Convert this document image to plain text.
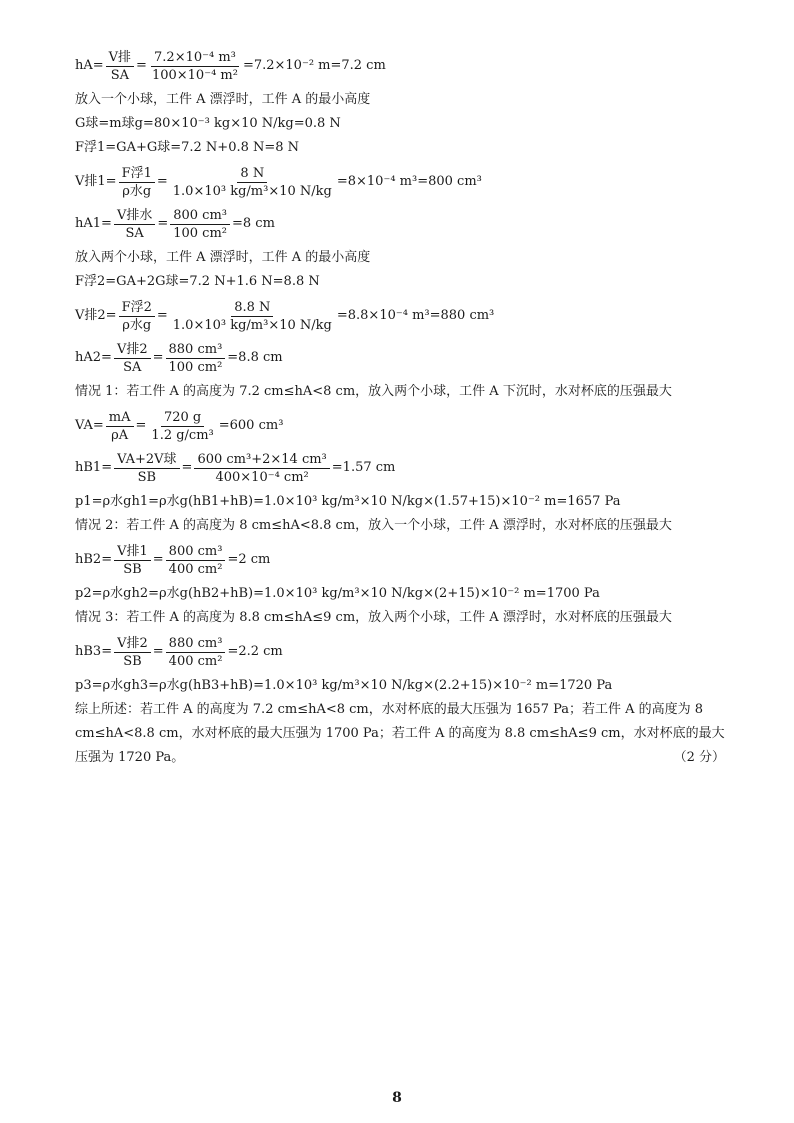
$hA= \frac{\text{V排}}{SA} = \frac{\text{7.2×10⁻⁴ m³}}{\text{100×10⁻⁴ m²}} =7.2\times 10^{-2}$ m=7.2 cm
放入一个小球，工件 A 漂浮时，工件 A 的最小高度
G球=m球g=80×10⁻³ kg×10 N/kg=0.8 N
F浮1=GA+G球=7.2 N+0.8 N=8 N
V排$1= \frac{\text{F浮1}}{\text{ρ水g}} = \frac{8 N}{\text{1.0×10³ kg/m³×10 N/kg}} =8\times 10^{-4}$ m³=800 cm³
$hA1= \frac{\text{V排水}}{SA} = \frac{\text{800 cm³}}{\text{100 cm²}} =8$ cm
放入两个小球，工件 A 漂浮时，工件 A 的最小高度
F浮2=GA+2G球=7.2 N+1.6 N=8.8 N
V排$2= \frac{\text{F浮2}}{\text{ρ水g}} = \frac{8.8 N}{\text{1.0×10³ kg/m³×10 N/kg}} =8.8\times 10^{-4}$ m³=880 cm³
$hA2= \frac{\text{V排2}}{SA} = \frac{\text{880 cm³}}{\text{100 cm²}} =8.8$ cm
情况 1：若工件 A 的高度为 7.2 cm≤hA<8 cm，放入两个小球，工件 A 下沉时，水对杯底的压强最大
$VA= \frac{mA}{\rho A} = \frac{720 g}{\text{1.2 g/cm³}} =600$ cm³
$hB1= \frac{\text{VA+2V球}}{SB} = \frac{\text{600 cm³+2×14 cm³}}{\text{400×10⁻⁴ cm²}} =1.57$ cm
p1=ρ水gh1=ρ水g(hB1+hB)=1.0×10³ kg/m³×10 N/kg×(1.57+15)×10⁻² m=1657 Pa
情况 2：若工件 A 的高度为 8 cm≤hA<8.8 cm，放入一个小球，工件 A 漂浮时，水对杯底的压强最大
$hB2= \frac{\text{V排1}}{SB} = \frac{\text{800 cm³}}{\text{400 cm²}} =2$ cm
p2=ρ水gh2=ρ水g(hB2+hB)=1.0×10³ kg/m³×10 N/kg×(2+15)×10⁻² m=1700 Pa
情况 3：若工件 A 的高度为 8.8 cm≤hA≤9 cm，放入两个小球，工件 A 漂浮时，水对杯底的压强最大
$hB3= \frac{\text{V排2}}{SB} = \frac{\text{880 cm³}}{\text{400 cm²}} =2.2$ cm
p3=ρ水gh3=ρ水g(hB3+hB)=1.0×10³ kg/m³×10 N/kg×(2.2+15)×10⁻² m=1720 Pa
综上所述：若工件 A 的高度为 7.2 cm≤hA<8 cm，水对杯底的最大压强为 1657 Pa；若工件 A 的高度为 8 cm≤hA<8.8 cm，水对杯底的最大压强为 1700 Pa；若工件 A 的高度为 8.8 cm≤hA≤9 cm，水对杯底的最大压强为 1720 Pa。	（2 分）
8
